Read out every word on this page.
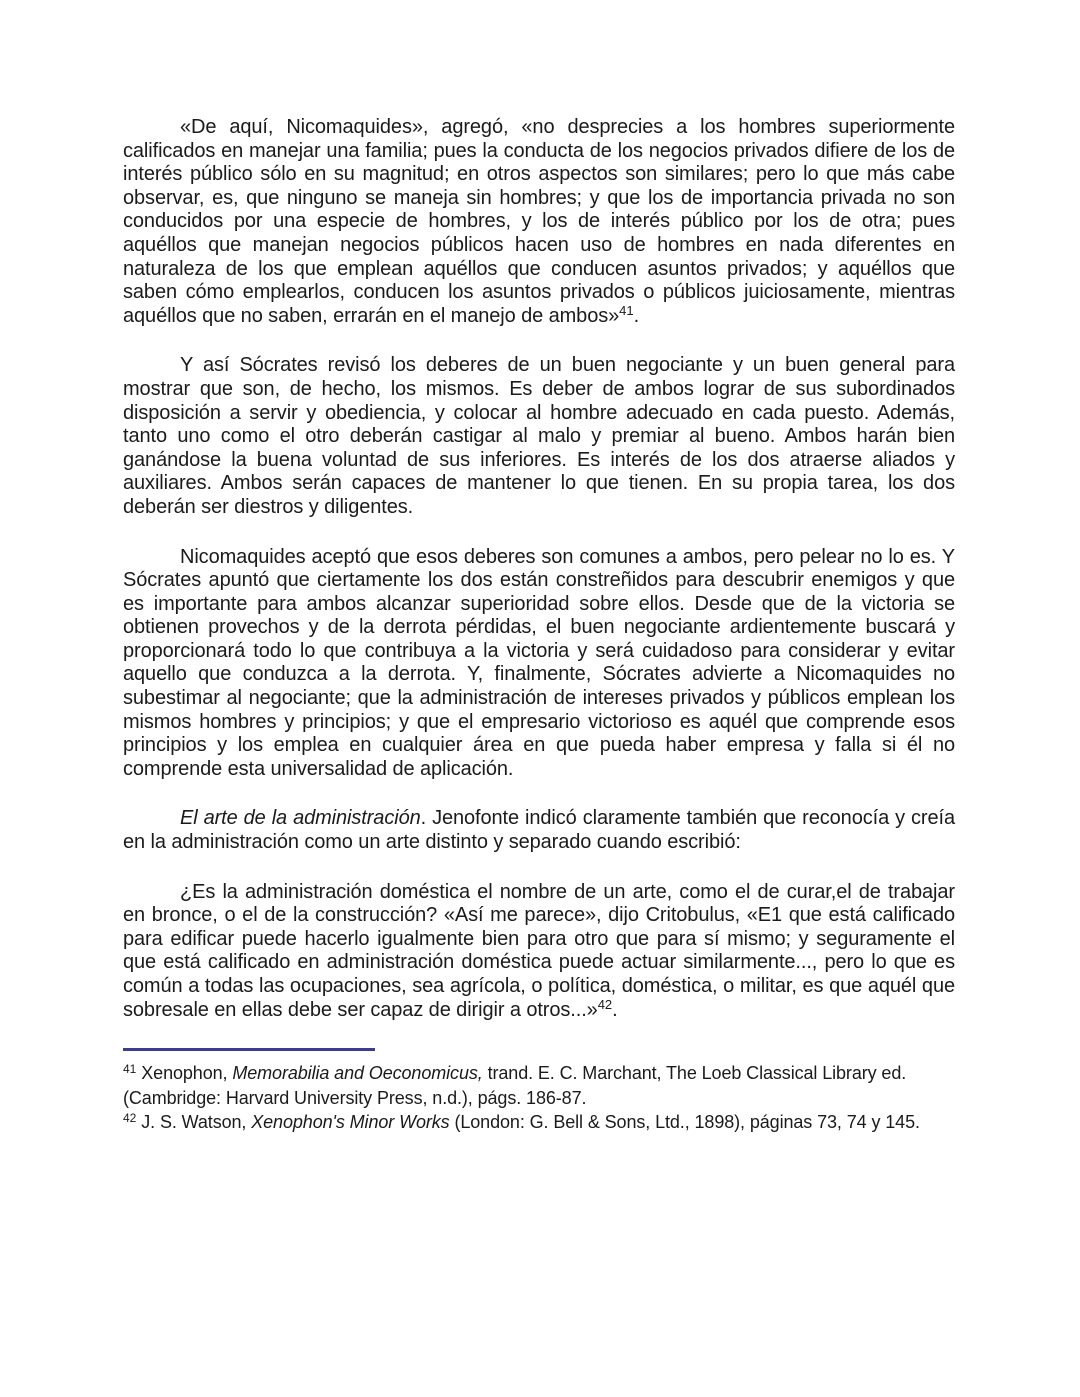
«De aquí, Nicomaquides», agregó, «no desprecies a los hombres superiormente calificados en manejar una familia; pues la conducta de los negocios privados difiere de los de interés público sólo en su magnitud; en otros aspectos son similares; pero lo que más cabe observar, es, que ninguno se maneja sin hombres; y que los de importancia privada no son conducidos por una especie de hombres, y los de interés público por los de otra; pues aquéllos que manejan negocios públicos hacen uso de hombres en nada diferentes en naturaleza de los que emplean aquéllos que conducen asuntos privados; y aquéllos que saben cómo emplearlos, conducen los asuntos privados o públicos juiciosamente, mientras aquéllos que no saben, errarán en el manejo de ambos»$^{41}$.

Y así Sócrates revisó los deberes de un buen negociante y un buen general para mostrar que son, de hecho, los mismos. Es deber de ambos lograr de sus subordinados disposición a servir y obediencia, y colocar al hombre adecuado en cada puesto. Además, tanto uno como el otro deberán castigar al malo y premiar al bueno. Ambos harán bien ganándose la buena voluntad de sus inferiores. Es interés de los dos atraerse aliados y auxiliares. Ambos serán capaces de mantener lo que tienen. En su propia tarea, los dos deberán ser diestros y diligentes.

Nicomaquides aceptó que esos deberes son comunes a ambos, pero pelear no lo es. Y Sócrates apuntó que ciertamente los dos están constreñidos para descubrir enemigos y que es importante para ambos alcanzar superioridad sobre ellos. Desde que de la victoria se obtienen provechos y de la derrota pérdidas, el buen negociante ardientemente buscará y proporcionará todo lo que contribuya a la victoria y será cuidadoso para considerar y evitar aquello que conduzca a la derrota. Y, finalmente, Sócrates advierte a Nicomaquides no subestimar al negociante; que la administración de intereses privados y públicos emplean los mismos hombres y principios; y que el empresario victorioso es aquél que comprende esos principios y los emplea en cualquier área en que pueda haber empresa y falla si él no comprende esta universalidad de aplicación.

El arte de la administración. Jenofonte indicó claramente también que reconocía y creía en la administración como un arte distinto y separado cuando escribió:

¿Es la administración doméstica el nombre de un arte, como el de curar,el de trabajar en bronce, o el de la construcción? «Así me parece», dijo Critobulus, «E1 que está calificado para edificar puede hacerlo igualmente bien para otro que para sí mismo; y seguramente el que está calificado en administración doméstica puede actuar similarmente..., pero lo que es común a todas las ocupaciones, sea agrícola, o política, doméstica, o militar, es que aquél que sobresale en ellas debe ser capaz de dirigir a otros...»$^{42}$.

$^{41}$ Xenophon, Memorabilia and Oeconomicus, trand. E. C. Marchant, The Loeb Classical Library ed. (Cambridge: Harvard University Press, n.d.), págs. 186-87.

$^{42}$ J. S. Watson, Xenophon's Minor Works (London: G. Bell & Sons, Ltd., 1898), páginas 73, 74 y 145.
